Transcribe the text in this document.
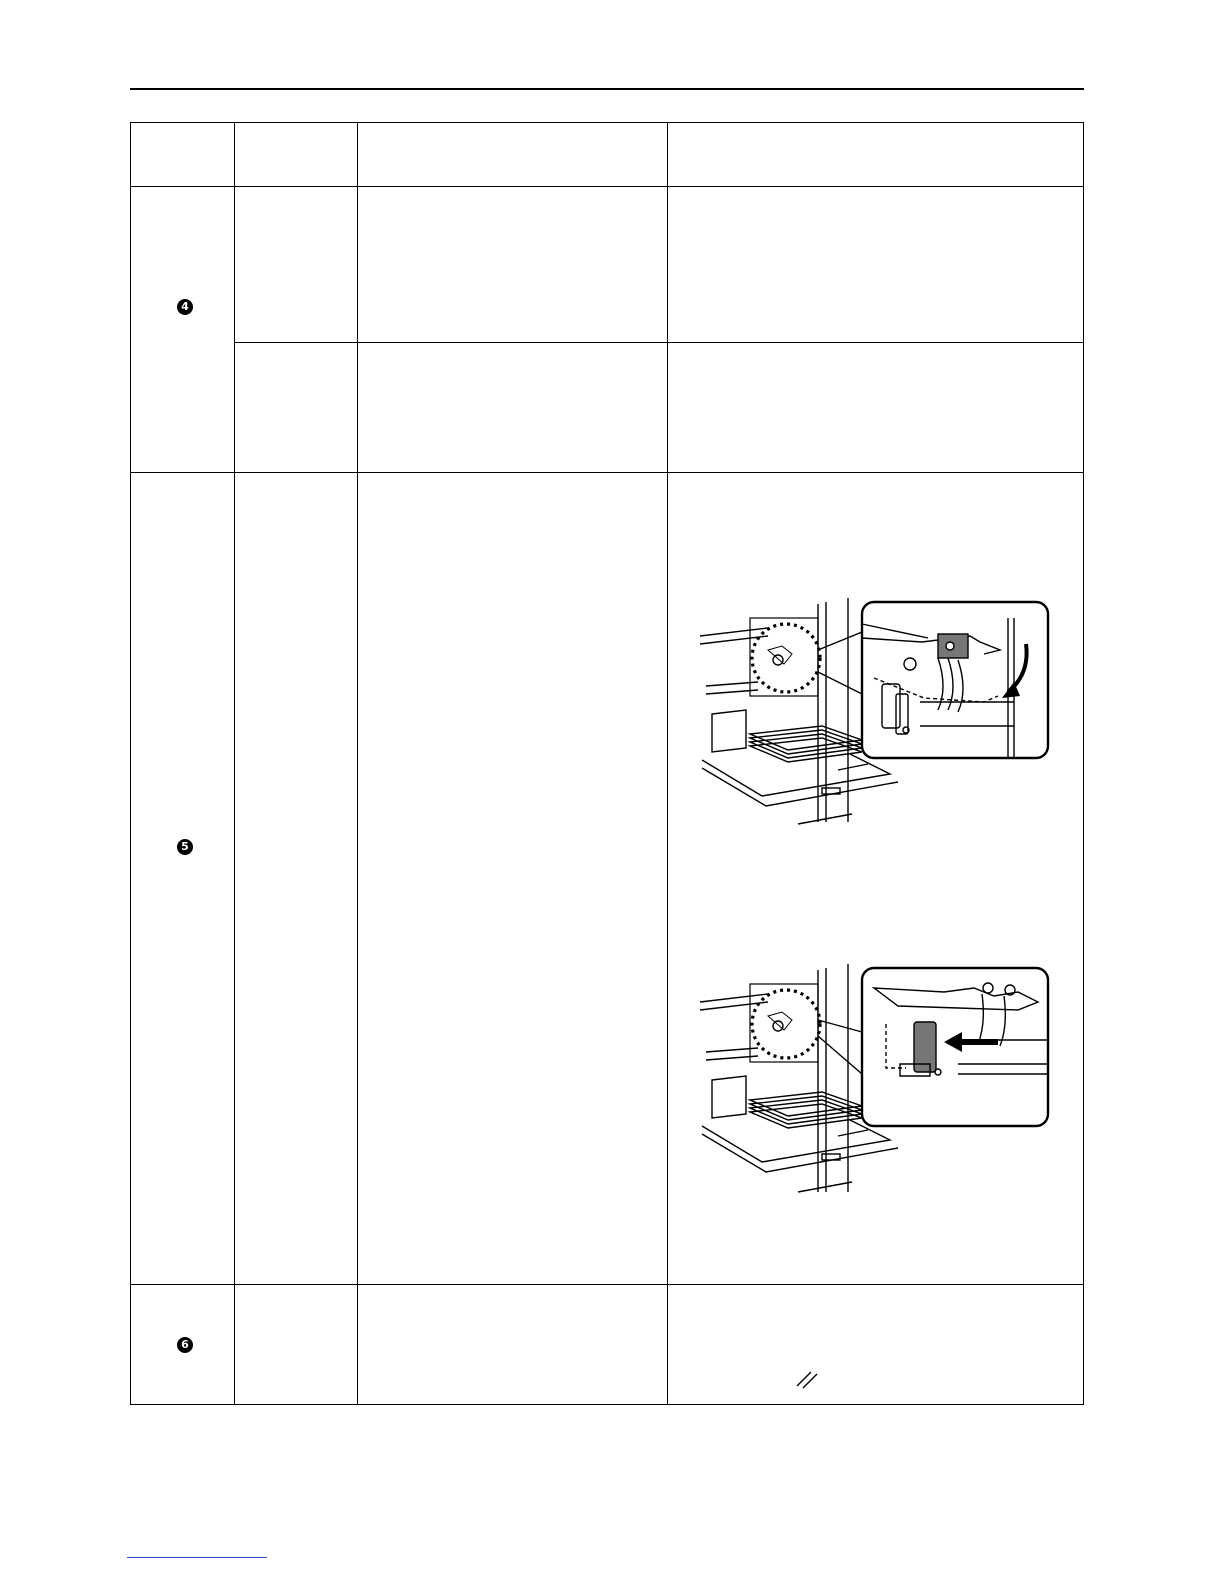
4
5
6
